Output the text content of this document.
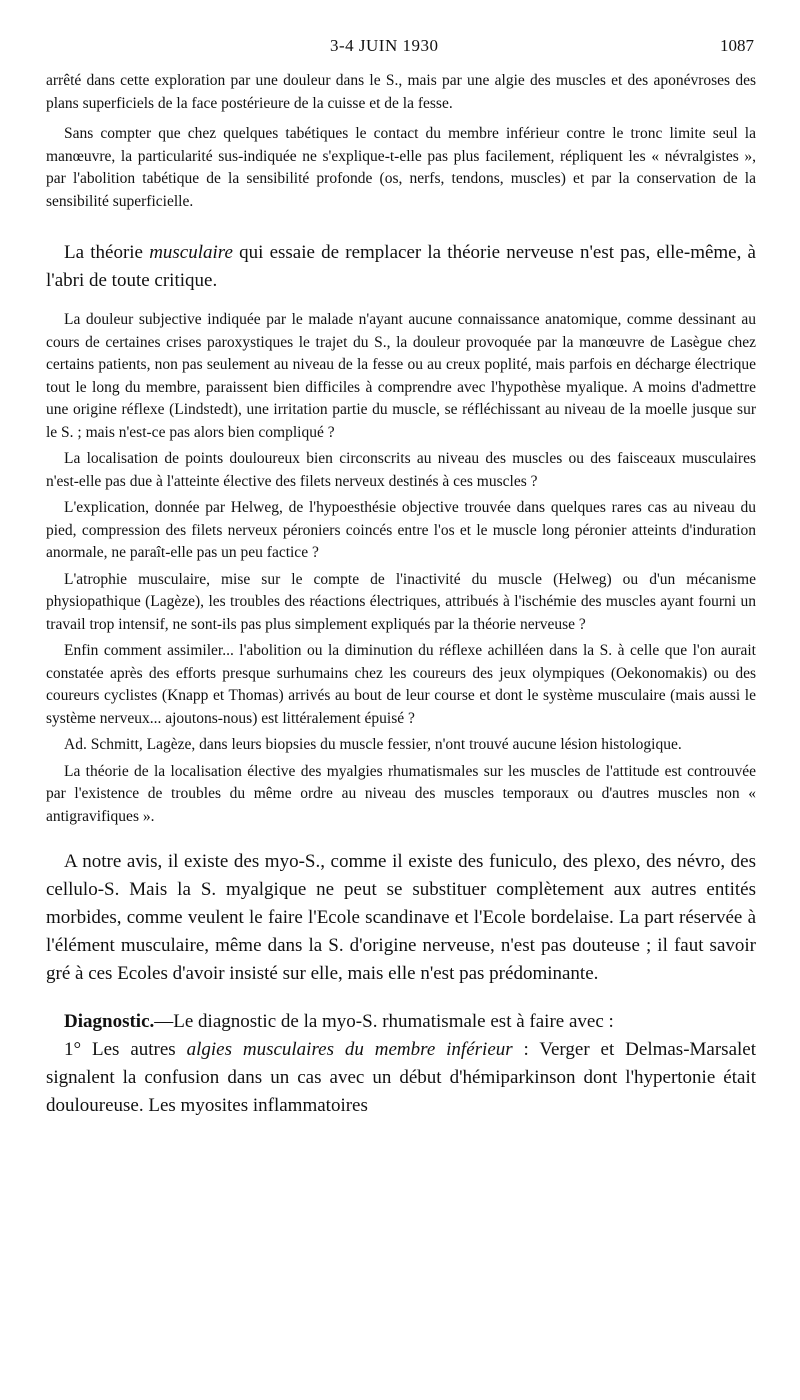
3-4 JUIN 1930	1087

arrêté dans cette exploration par une douleur dans le S., mais par une algie des muscles et des aponévroses des plans superficiels de la face postérieure de la cuisse et de la fesse.

Sans compter que chez quelques tabétiques le contact du membre inférieur contre le tronc limite seul la manœuvre, la particularité sus-indiquée ne s'explique-t-elle pas plus facilement, répliquent les « névralgistes », par l'abolition tabétique de la sensibilité profonde (os, nerfs, tendons, muscles) et par la conservation de la sensibilité superficielle.

La théorie musculaire qui essaie de remplacer la théorie nerveuse n'est pas, elle-même, à l'abri de toute critique.

La douleur subjective indiquée par le malade n'ayant aucune connaissance anatomique, comme dessinant au cours de certaines crises paroxystiques le trajet du S., la douleur provoquée par la manœuvre de Lasègue chez certains patients, non pas seulement au niveau de la fesse ou au creux poplité, mais parfois en décharge électrique tout le long du membre, paraissent bien difficiles à comprendre avec l'hypothèse myalique. A moins d'admettre une origine réflexe (Lindstedt), une irritation partie du muscle, se réfléchissant au niveau de la moelle jusque sur le S. ; mais n'est-ce pas alors bien compliqué ?

La localisation de points douloureux bien circonscrits au niveau des muscles ou des faisceaux musculaires n'est-elle pas due à l'atteinte élective des filets nerveux destinés à ces muscles ?

L'explication, donnée par Helweg, de l'hypoesthésie objective trouvée dans quelques rares cas au niveau du pied, compression des filets nerveux péroniers coincés entre l'os et le muscle long péronier atteints d'induration anormale, ne paraît-elle pas un peu factice ?

L'atrophie musculaire, mise sur le compte de l'inactivité du muscle (Helweg) ou d'un mécanisme physiopathique (Lagèze), les troubles des réactions électriques, attribués à l'ischémie des muscles ayant fourni un travail trop intensif, ne sont-ils pas plus simplement expliqués par la théorie nerveuse ?

Enfin comment assimiler... l'abolition ou la diminution du réflexe achilléen dans la S. à celle que l'on aurait constatée après des efforts presque surhumains chez les coureurs des jeux olympiques (Oekonomakis) ou des coureurs cyclistes (Knapp et Thomas) arrivés au bout de leur course et dont le système musculaire (mais aussi le système nerveux... ajoutons-nous) est littéralement épuisé ?

Ad. Schmitt, Lagèze, dans leurs biopsies du muscle fessier, n'ont trouvé aucune lésion histologique.

La théorie de la localisation élective des myalgies rhumatismales sur les muscles de l'attitude est controuvée par l'existence de troubles du même ordre au niveau des muscles temporaux ou d'autres muscles non « antigravifiques ».

A notre avis, il existe des myo-S., comme il existe des funiculo, des plexo, des névro, des cellulo-S. Mais la S. myalgique ne peut se substituer complètement aux autres entités morbides, comme veulent le faire l'Ecole scandinave et l'Ecole bordelaise. La part réservée à l'élément musculaire, même dans la S. d'origine nerveuse, n'est pas douteuse ; il faut savoir gré à ces Ecoles d'avoir insisté sur elle, mais elle n'est pas prédominante.

Diagnostic.—Le diagnostic de la myo-S. rhumatismale est à faire avec :

1° Les autres algies musculaires du membre inférieur : Verger et Delmas-Marsalet signalent la confusion dans un cas avec un début d'hémiparkinson dont l'hypertonie était douloureuse. Les myosites inflammatoires
